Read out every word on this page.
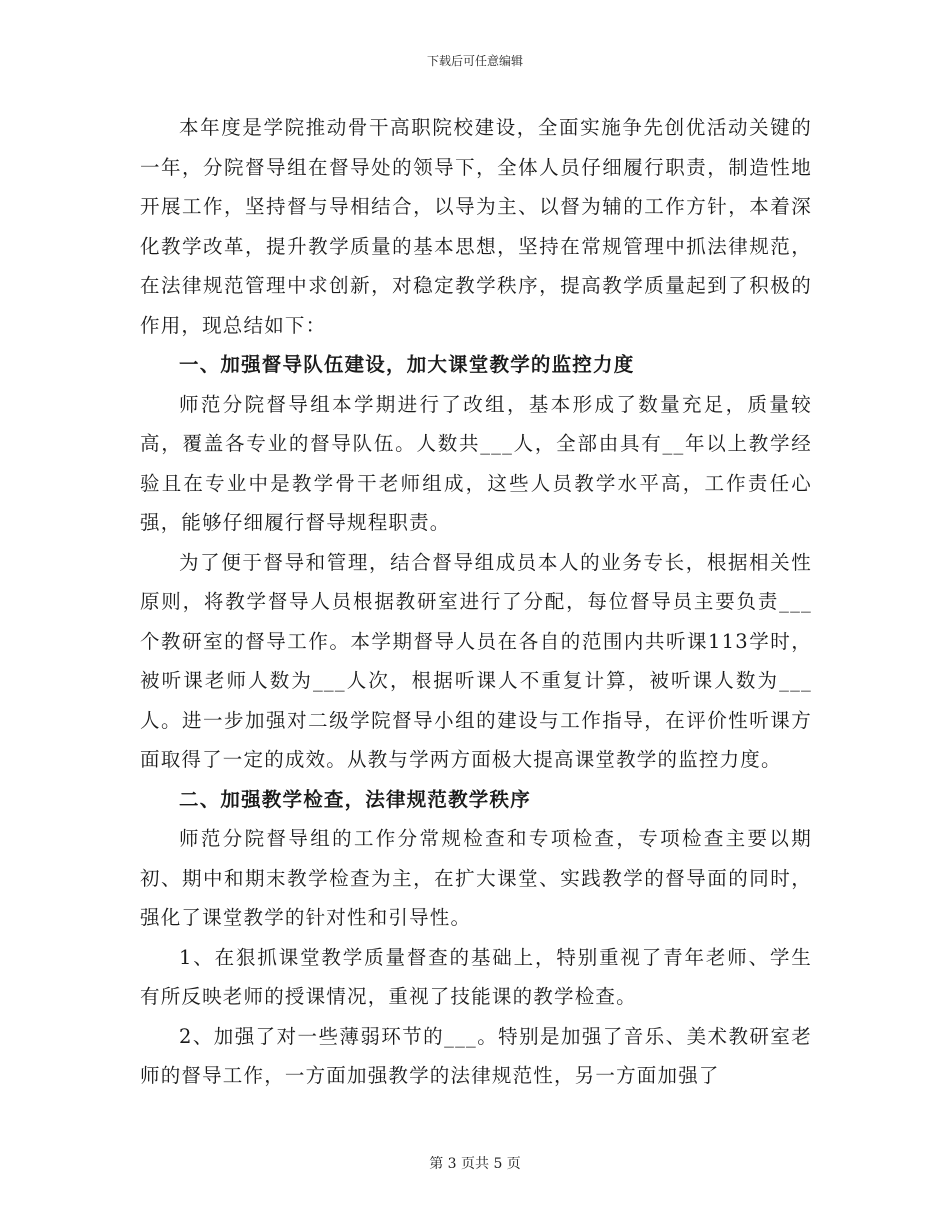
下载后可任意编辑

本年度是学院推动骨干高职院校建设，全面实施争先创优活动关键的一年，分院督导组在督导处的领导下，全体人员仔细履行职责，制造性地开展工作，坚持督与导相结合，以导为主、以督为辅的工作方针，本着深化教学改革，提升教学质量的基本思想，坚持在常规管理中抓法律规范，在法律规范管理中求创新，对稳定教学秩序，提高教学质量起到了积极的作用，现总结如下：

一、加强督导队伍建设，加大课堂教学的监控力度

师范分院督导组本学期进行了改组，基本形成了数量充足，质量较高，覆盖各专业的督导队伍。人数共___人，全部由具有__年以上教学经验且在专业中是教学骨干老师组成，这些人员教学水平高，工作责任心强，能够仔细履行督导规程职责。

为了便于督导和管理，结合督导组成员本人的业务专长，根据相关性原则，将教学督导人员根据教研室进行了分配，每位督导员主要负责___个教研室的督导工作。本学期督导人员在各自的范围内共听课113学时，被听课老师人数为___人次，根据听课人不重复计算，被听课人数为___人。进一步加强对二级学院督导小组的建设与工作指导，在评价性听课方面取得了一定的成效。从教与学两方面极大提高课堂教学的监控力度。

二、加强教学检查，法律规范教学秩序

师范分院督导组的工作分常规检查和专项检查，专项检查主要以期初、期中和期末教学检查为主，在扩大课堂、实践教学的督导面的同时，强化了课堂教学的针对性和引导性。

1、在狠抓课堂教学质量督查的基础上，特别重视了青年老师、学生有所反映老师的授课情况，重视了技能课的教学检查。

2、加强了对一些薄弱环节的___。特别是加强了音乐、美术教研室老师的督导工作，一方面加强教学的法律规范性，另一方面加强了

第 3 页共 5 页
